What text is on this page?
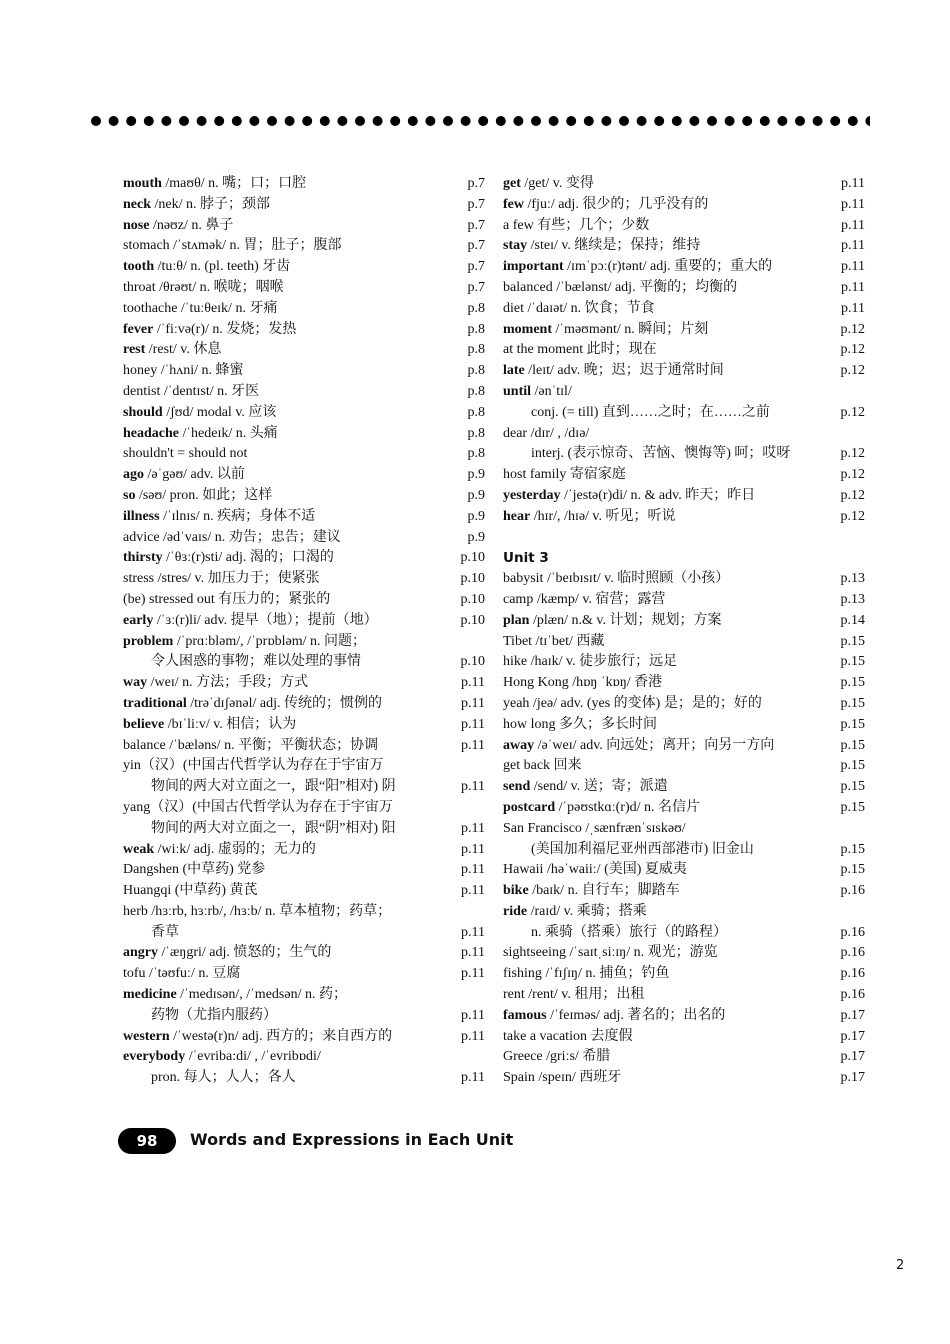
mouth /maʊθ/ n. 嘴；口；口腔	p.7
neck /nek/ n. 脖子；颈部	p.7
nose /nəʊz/ n. 鼻子	p.7
stomach /ˈstʌmək/ n. 胃；肚子；腹部	p.7
tooth /tuːθ/ n. (pl. teeth) 牙齿	p.7
throat /θrəʊt/ n. 喉咙；咽喉	p.7
toothache /ˈtuːθeɪk/ n. 牙痛	p.8
fever /ˈfiːvə(r)/ n. 发烧；发热	p.8
rest /rest/ v. 休息	p.8
honey /ˈhʌni/ n. 蜂蜜	p.8
dentist /ˈdentɪst/ n. 牙医	p.8
should /ʃʊd/ modal v. 应该	p.8
headache /ˈhedeɪk/ n. 头痛	p.8
shouldn't = should not	p.8
ago /əˈgəʊ/ adv. 以前	p.9
so /səʊ/ pron. 如此；这样	p.9
illness /ˈɪlnɪs/ n. 疾病；身体不适	p.9
advice /ədˈvaɪs/ n. 劝告；忠告；建议	p.9
thirsty /ˈθɜː(r)sti/ adj. 渴的；口渴的	p.10
stress /stres/ v. 加压力于；使紧张	p.10
(be) stressed out 有压力的；紧张的	p.10
early /ˈɜː(r)li/ adv. 提早（地）；提前（地）	p.10
problem /ˈprɑːbləm/, /ˈprɒbləm/ n. 问题；
令人困惑的事物；难以处理的事情	p.10
way /weɪ/ n. 方法；手段；方式	p.11
traditional /trəˈdɪʃənəl/ adj. 传统的；惯例的	p.11
believe /bɪˈliːv/ v. 相信；认为	p.11
balance /ˈbæləns/ n. 平衡；平衡状态；协调	p.11
yin（汉）(中国古代哲学认为存在于宇宙万
物间的两大对立面之一，跟“阳”相对) 阴	p.11
yang（汉）(中国古代哲学认为存在于宇宙万
物间的两大对立面之一，跟“阴”相对) 阳	p.11
weak /wiːk/ adj. 虚弱的；无力的	p.11
Dangshen (中草药) 党参	p.11
Huangqi (中草药) 黄芪	p.11
herb /hɜːrb, hɜːrb/, /hɜːb/ n. 草本植物；药草；
香草	p.11
angry /ˈæŋgri/ adj. 愤怒的；生气的	p.11
tofu /ˈtəʊfuː/ n. 豆腐	p.11
medicine /ˈmedɪsən/, /ˈmedsən/ n. 药；
药物（尤指内服药）	p.11
western /ˈwestə(r)n/ adj. 西方的；来自西方的	p.11
everybody /ˈevriba:di/ , /ˈevribɒdi/
pron. 每人；人人；各人	p.11
get /get/ v. 变得	p.11
few /fjuː/ adj. 很少的；几乎没有的	p.11
a few 有些；几个；少数	p.11
stay /steɪ/ v. 继续是；保持；维持	p.11
important /ɪmˈpɔː(r)tənt/ adj. 重要的；重大的	p.11
balanced /ˈbælənst/ adj. 平衡的；均衡的	p.11
diet /ˈdaɪət/ n. 饮食；节食	p.11
moment /ˈməʊmənt/ n. 瞬间；片刻	p.12
at the moment 此时；现在	p.12
late /leɪt/ adv. 晚；迟；迟于通常时间	p.12
until /ənˈtɪl/
conj. (= till) 直到……之时；在……之前	p.12
dear /dɪr/ , /dɪə/
interj. (表示惊奇、苦恼、懊悔等) 呵；哎呀	p.12
host family 寄宿家庭	p.12
yesterday /ˈjestə(r)di/ n. & adv. 昨天；昨日	p.12
hear /hɪr/, /hɪə/ v. 听见；听说	p.12
Unit 3
babysit /ˈbeɪbɪsɪt/ v. 临时照顾（小孩）	p.13
camp /kæmp/ v. 宿营；露营	p.13
plan /plæn/ n.& v. 计划；规划；方案	p.14
Tibet /tɪˈbet/ 西藏	p.15
hike /haɪk/ v. 徒步旅行；远足	p.15
Hong Kong /hɒŋ ˈkɒŋ/ 香港	p.15
yeah /jeə/ adv. (yes 的变体) 是；是的；好的	p.15
how long 多久；多长时间	p.15
away /əˈweɪ/ adv. 向远处；离开；向另一方向	p.15
get back 回来	p.15
send /send/ v. 送；寄；派遣	p.15
postcard /ˈpəʊstkɑː(r)d/ n. 名信片	p.15
San Francisco /ˌsænfrænˈsɪskəʊ/
(美国加利福尼亚州西部港市) 旧金山	p.15
Hawaii /həˈwaiiː/ (美国) 夏威夷	p.15
bike /baɪk/ n. 自行车；脚踏车	p.16
ride /raɪd/ v. 乘骑；搭乘
n. 乘骑（搭乘）旅行（的路程）	p.16
sightseeing /ˈsaɪtˌsiːɪŋ/ n. 观光；游览	p.16
fishing /ˈfɪʃɪŋ/ n. 捕鱼；钓鱼	p.16
rent /rent/ v. 租用；出租	p.16
famous /ˈfeɪməs/ adj. 著名的；出名的	p.17
take a vacation 去度假	p.17
Greece /griːs/ 希腊	p.17
Spain /speɪn/ 西班牙	p.17
98	Words and Expressions in Each Unit
2
